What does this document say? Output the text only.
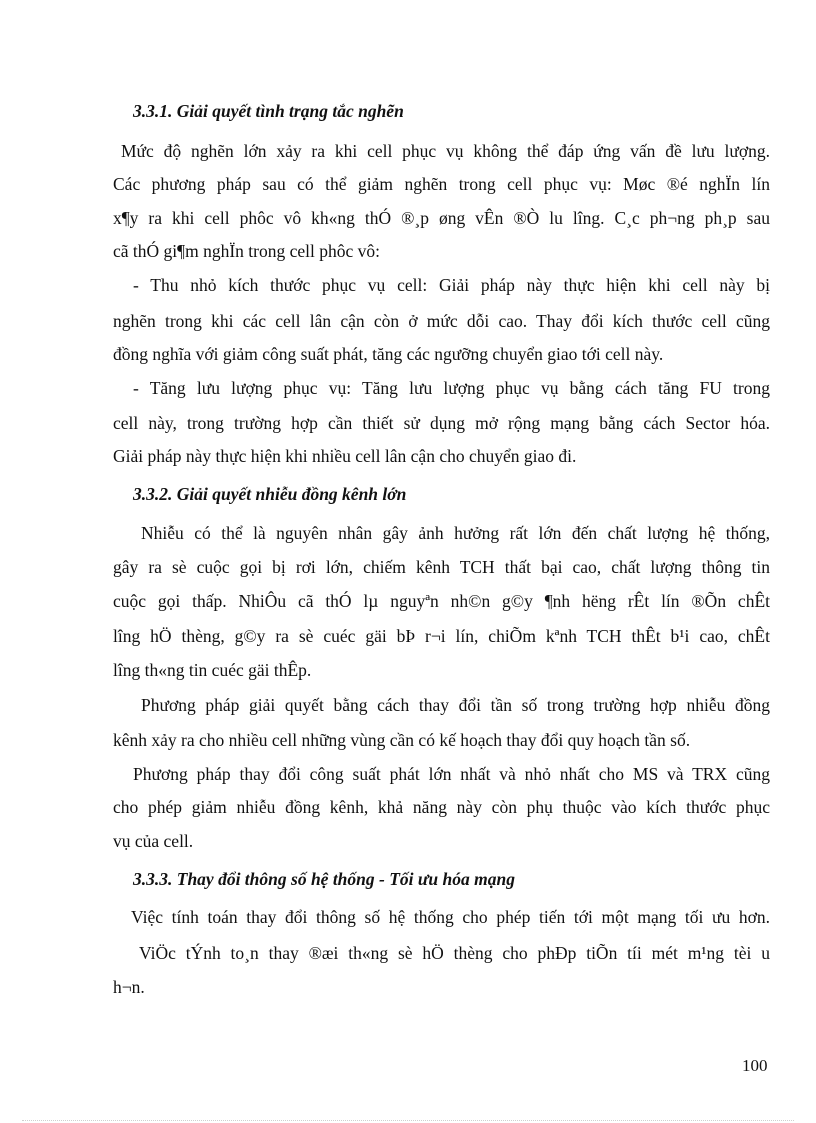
3.3.1. Giải quyết tình trạng tắc nghẽn
Mức độ nghẽn lớn xảy ra khi cell phục vụ không thể đáp ứng vấn đề lưu lượng.
Các phương pháp sau có thể giảm nghẽn trong cell phục vụ: Møc ®é nghÏn lín
x¶y ra khi cell phôc vô kh«ng thÓ ®¸p øng vÊn ®Ò lu lîng. C¸c ph¬ng ph¸p sau
cã thÓ gi¶m nghÏn trong cell phôc vô:
- Thu nhỏ kích thước phục vụ cell: Giải pháp này thực hiện khi cell này bị
nghẽn trong khi các cell lân cận còn ở mức dỗi cao. Thay đổi kích thước cell cũng
đồng nghĩa với giảm công suất phát, tăng các ngưỡng chuyển giao tới cell này.
- Tăng lưu lượng phục vụ: Tăng lưu lượng phục vụ bằng cách tăng FU trong
cell này, trong trường hợp cần thiết sử dụng mở rộng mạng bằng cách Sector hóa.
Giải pháp này thực hiện khi nhiều cell lân cận cho chuyển giao đi.
3.3.2. Giải quyết nhiễu đồng kênh lớn
Nhiễu có thể là nguyên nhân gây ảnh hưởng rất lớn đến chất lượng hệ thống,
gây ra sè cuộc gọi bị rơi lớn, chiếm kênh TCH thất bại cao, chất lượng thông tin
cuộc gọi thấp. NhiÔu cã thÓ lµ nguyªn nh©n g©y ¶nh hëng rÊt lín ®Õn chÊt
lîng hÖ thèng, g©y ra sè cuéc gäi bÞ r¬i lín, chiÕm kªnh TCH thÊt b¹i cao, chÊt
lîng th«ng tin cuéc gäi thÊp.
Phương pháp giải quyết bằng cách thay đổi tần số trong trường hợp nhiễu đồng
kênh xảy ra cho nhiều cell những vùng cần có kế hoạch thay đổi quy hoạch tần số.
Phương pháp thay đổi công suất phát lớn nhất và nhỏ nhất cho MS và TRX cũng
cho phép giảm nhiễu đồng kênh, khả năng này còn phụ thuộc vào kích thước phục
vụ của cell.
3.3.3. Thay đổi thông số hệ thống - Tối ưu hóa mạng
Việc tính toán thay đổi thông số hệ thống cho phép tiến tới một mạng tối ưu hơn.
ViÖc tÝnh to¸n thay ®æi th«ng sè hÖ thèng cho phÐp tiÕn tíi mét m¹ng tèi u
h¬n.
100
